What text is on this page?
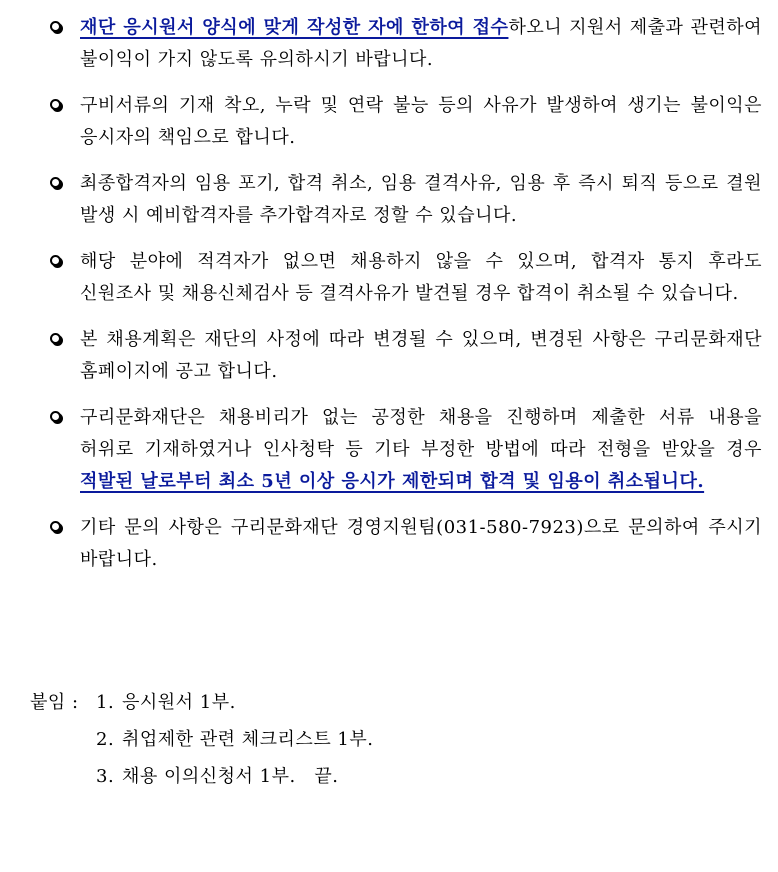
재단 응시원서 양식에 맞게 작성한 자에 한하여 접수하오니 지원서 제출과 관련하여 불이익이 가지 않도록 유의하시기 바랍니다.
구비서류의 기재 착오, 누락 및 연락 불능 등의 사유가 발생하여 생기는 불이익은 응시자의 책임으로 합니다.
최종합격자의 임용 포기, 합격 취소, 임용 결격사유, 임용 후 즉시 퇴직 등으로 결원 발생 시 예비합격자를 추가합격자로 정할 수 있습니다.
해당 분야에 적격자가 없으면 채용하지 않을 수 있으며, 합격자 통지 후라도 신원조사 및 채용신체검사 등 결격사유가 발견될 경우 합격이 취소될 수 있습니다.
본 채용계획은 재단의 사정에 따라 변경될 수 있으며, 변경된 사항은 구리문화재단 홈페이지에 공고 합니다.
구리문화재단은 채용비리가 없는 공정한 채용을 진행하며 제출한 서류 내용을 허위로 기재하였거나 인사청탁 등 기타 부정한 방법에 따라 전형을 받았을 경우 적발된 날로부터 최소 5년 이상 응시가 제한되며 합격 및 임용이 취소됩니다.
기타 문의 사항은 구리문화재단 경영지원팀(031-580-7923)으로 문의하여 주시기 바랍니다.
붙임 : 1. 응시원서 1부.
2. 취업제한 관련 체크리스트 1부.
3. 채용 이의신청서 1부.   끝.
